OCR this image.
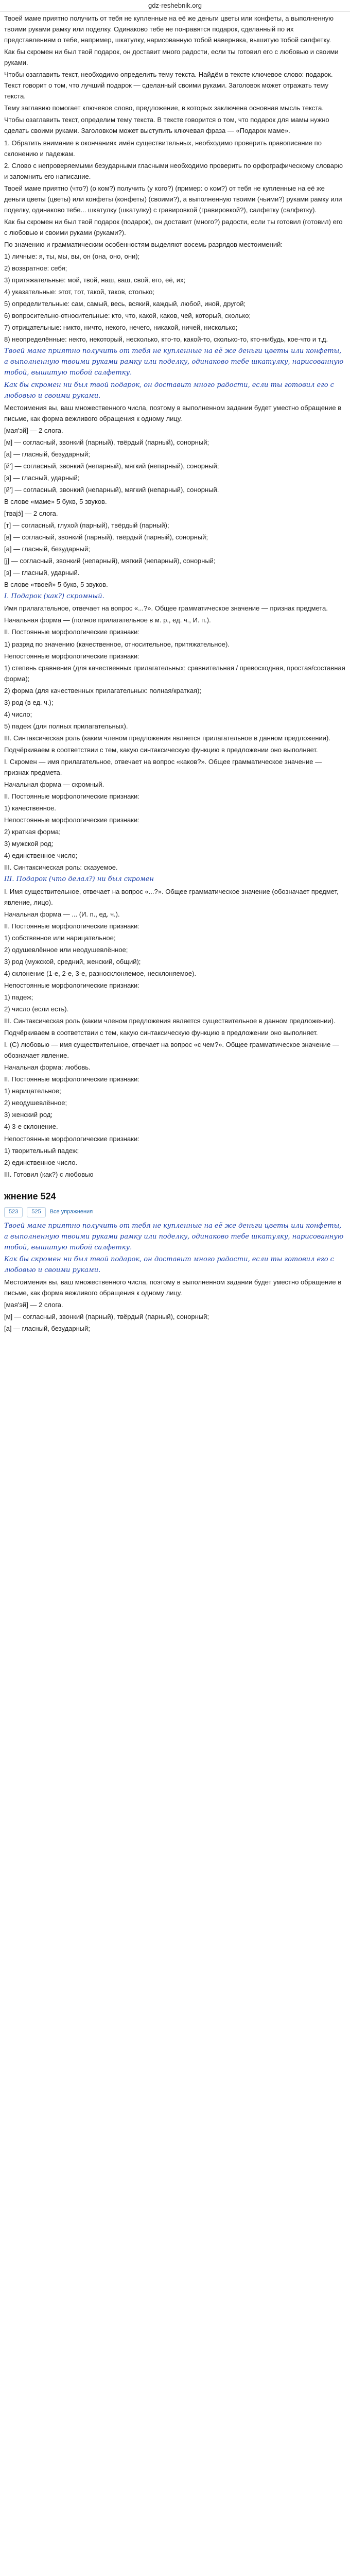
gdz-reshebnik.org

Твоей маме приятно получить от тебя не купленные на её же деньги цветы или конфеты, а выполненную твоими руками рамку или поделку. Одинаково тебе не понравятся подарок, сделанный по их представлениям о тебе, например, шкатулку, нарисованную тобой наверняка, вышитую тобой салфетку.

Как бы скромен ни был твой подарок, он доставит много радости, если ты готовил его с любовью и своими руками.

Чтобы озаглавить текст, необходимо определить тему текста. Найдём в тексте ключевое слово: подарок. Текст говорит о том, что лучший подарок — сделанный своими руками. Заголовок может отражать тему текста.

Тему заглавию помогает ключевое слово, предложение, в которых заключена основная мысль текста.

Чтобы озаглавить текст, определим тему текста. В тексте говорится о том, что подарок для мамы нужно сделать своими руками. Заголовком может выступить ключевая фраза — «Подарок маме».

1. Обратить внимание в окончаниях имён существительных, необходимо проверить правописание по склонению и падежам.

2. Слово с непроверяемыми безударными гласными необходимо проверить по орфографическому словарю и запомнить его написание.

Твоей маме приятно (что?) (о ком?) получить (у кого?) (пример: о ком?) от тебя не купленные на её же деньги цветы (цветы) или конфеты (конфеты) (своими?), а выполненную твоими (чьими?) руками рамку или поделку, одинаково тебе... шкатулку (шкатулку) с гравировкой (гравировкой?), салфетку (салфетку).

Как бы скромен ни был твой подарок (подарок), он доставит (много?) радости, если ты готовил (готовил) его с любовью и своими руками (руками?).

По значению и грамматическим особенностям выделяют восемь разрядов местоимений:

1) личные: я, ты, мы, вы, он (она, оно, они);

2) возвратное: себя;

3) притяжательные: мой, твой, наш, ваш, свой, его, её, их;

4) указательные: этот, тот, такой, таков, столько;

5) определительные: сам, самый, весь, всякий, каждый, любой, иной, другой;

6) вопросительно-относительные: кто, что, какой, каков, чей, который, сколько;

7) отрицательные: никто, ничто, некого, нечего, никакой, ничей, нисколько;

8) неопределённые: некто, некоторый, несколько, кто-то, какой-то, сколько-то, кто-нибудь, кое-что и т.д.

Твоей маме приятно получить от тебя не купленные на её же деньги цветы или конфеты, а выполненную твоими руками рамку или поделку, одинаково тебе шкатулку, нарисованную тобой, вышитую тобой салфетку.

Как бы скромен ни был твой подарок, он доставит много радости, если ты готовил его с любовью и своими руками.

Местоимения вы, ваш множественного числа, поэтому в выполненном задании будет уместно обращение в письме, как форма вежливого обращения к одному лицу.

[мая'эй] — 2 слога.

[м] — согласный, звонкий (парный), твёрдый (парный), сонорный;

[а] — гласный, безударный;

[й'] — согласный, звонкий (непарный), мягкий (непарный), сонорный;

[э] — гласный, ударный;

[й'] — согласный, звонкий (непарный), мягкий (непарный), сонорный.

В слове «маме» 5 букв, 5 звуков.

[тваjэ́] — 2 слога.

[т] — согласный, глухой (парный), твёрдый (парный);

[в] — согласный, звонкий (парный), твёрдый (парный), сонорный;

[а] — гласный, безударный;

[j] — согласный, звонкий (непарный), мягкий (непарный), сонорный;

[э] — гласный, ударный.

В слове «твоей» 5 букв, 5 звуков.

I. Подарок (как?) скромный.

Имя прилагательное, отвечает на вопрос «...?». Общее грамматическое значение — признак предмета.

Начальная форма — (полное прилагательное в м. р., ед. ч., И. п.).

II. Постоянные морфологические признаки:

1) разряд по значению (качественное, относительное, притяжательное).

Непостоянные морфологические признаки:

1) степень сравнения (для качественных прилагательных: сравнительная / превосходная, простая/составная форма);

2) форма (для качественных прилагательных: полная/краткая);

3) род (в ед. ч.);

4) число;

5) падеж (для полных прилагательных).

III. Синтаксическая роль (каким членом предложения является прилагательное в данном предложении).

Подчёркиваем в соответствии с тем, какую синтаксическую функцию в предложении оно выполняет.

I. Скромен — имя прилагательное, отвечает на вопрос «каков?». Общее грамматическое значение — признак предмета.

Начальная форма — скромный.

II. Постоянные морфологические признаки:

1) качественное.

Непостоянные морфологические признаки:

2) краткая форма;

3) мужской род;

4) единственное число;

III. Синтаксическая роль: сказуемое.

III. Подарок (что делал?) ни был скромен

I. Имя существительное, отвечает на вопрос «...?». Общее грамматическое значение (обозначает предмет, явление, лицо).

Начальная форма — ... (И. п., ед. ч.).

II. Постоянные морфологические признаки:

1) собственное или нарицательное;

2) одушевлённое или неодушевлённое;

3) род (мужской, средний, женский, общий);

4) склонение (1-е, 2-е, 3-е, разносклоняемое, несклоняемое).

Непостоянные морфологические признаки:

1) падеж;

2) число (если есть).

III. Синтаксическая роль (каким членом предложения является существительное в данном предложении).

Подчёркиваем в соответствии с тем, какую синтаксическую функцию в предложении оно выполняет.

I. (С) любовью — имя существительное, отвечает на вопрос «с чем?». Общее грамматическое значение — обозначает явление.

Начальная форма: любовь.

II. Постоянные морфологические признаки:

1) нарицательное;

2) неодушевлённое;

3) женский род;

4) 3-е склонение.

Непостоянные морфологические признаки:

1) творительный падеж;

2) единственное число.

III. Готовил (как?) с любовью

жнение 524
523	525	Все упражнения

Твоей маме приятно получить от тебя не купленные на её же деньги цветы или конфеты, а выполненную твоими руками рамку или поделку, одинаково тебе шкатулку, нарисованную тобой, вышитую тобой салфетку.

Как бы скромен ни был твой подарок, он доставит много радости, если ты готовил его с любовью и своими руками.

Местоимения вы, ваш множественного числа, поэтому в выполненном задании будет уместно обращение в письме, как форма вежливого обращения к одному лицу.

[мая'эй] — 2 слога.

[м] — согласный, звонкий (парный), твёрдый (парный), сонорный;

[а] — гласный, безударный;
